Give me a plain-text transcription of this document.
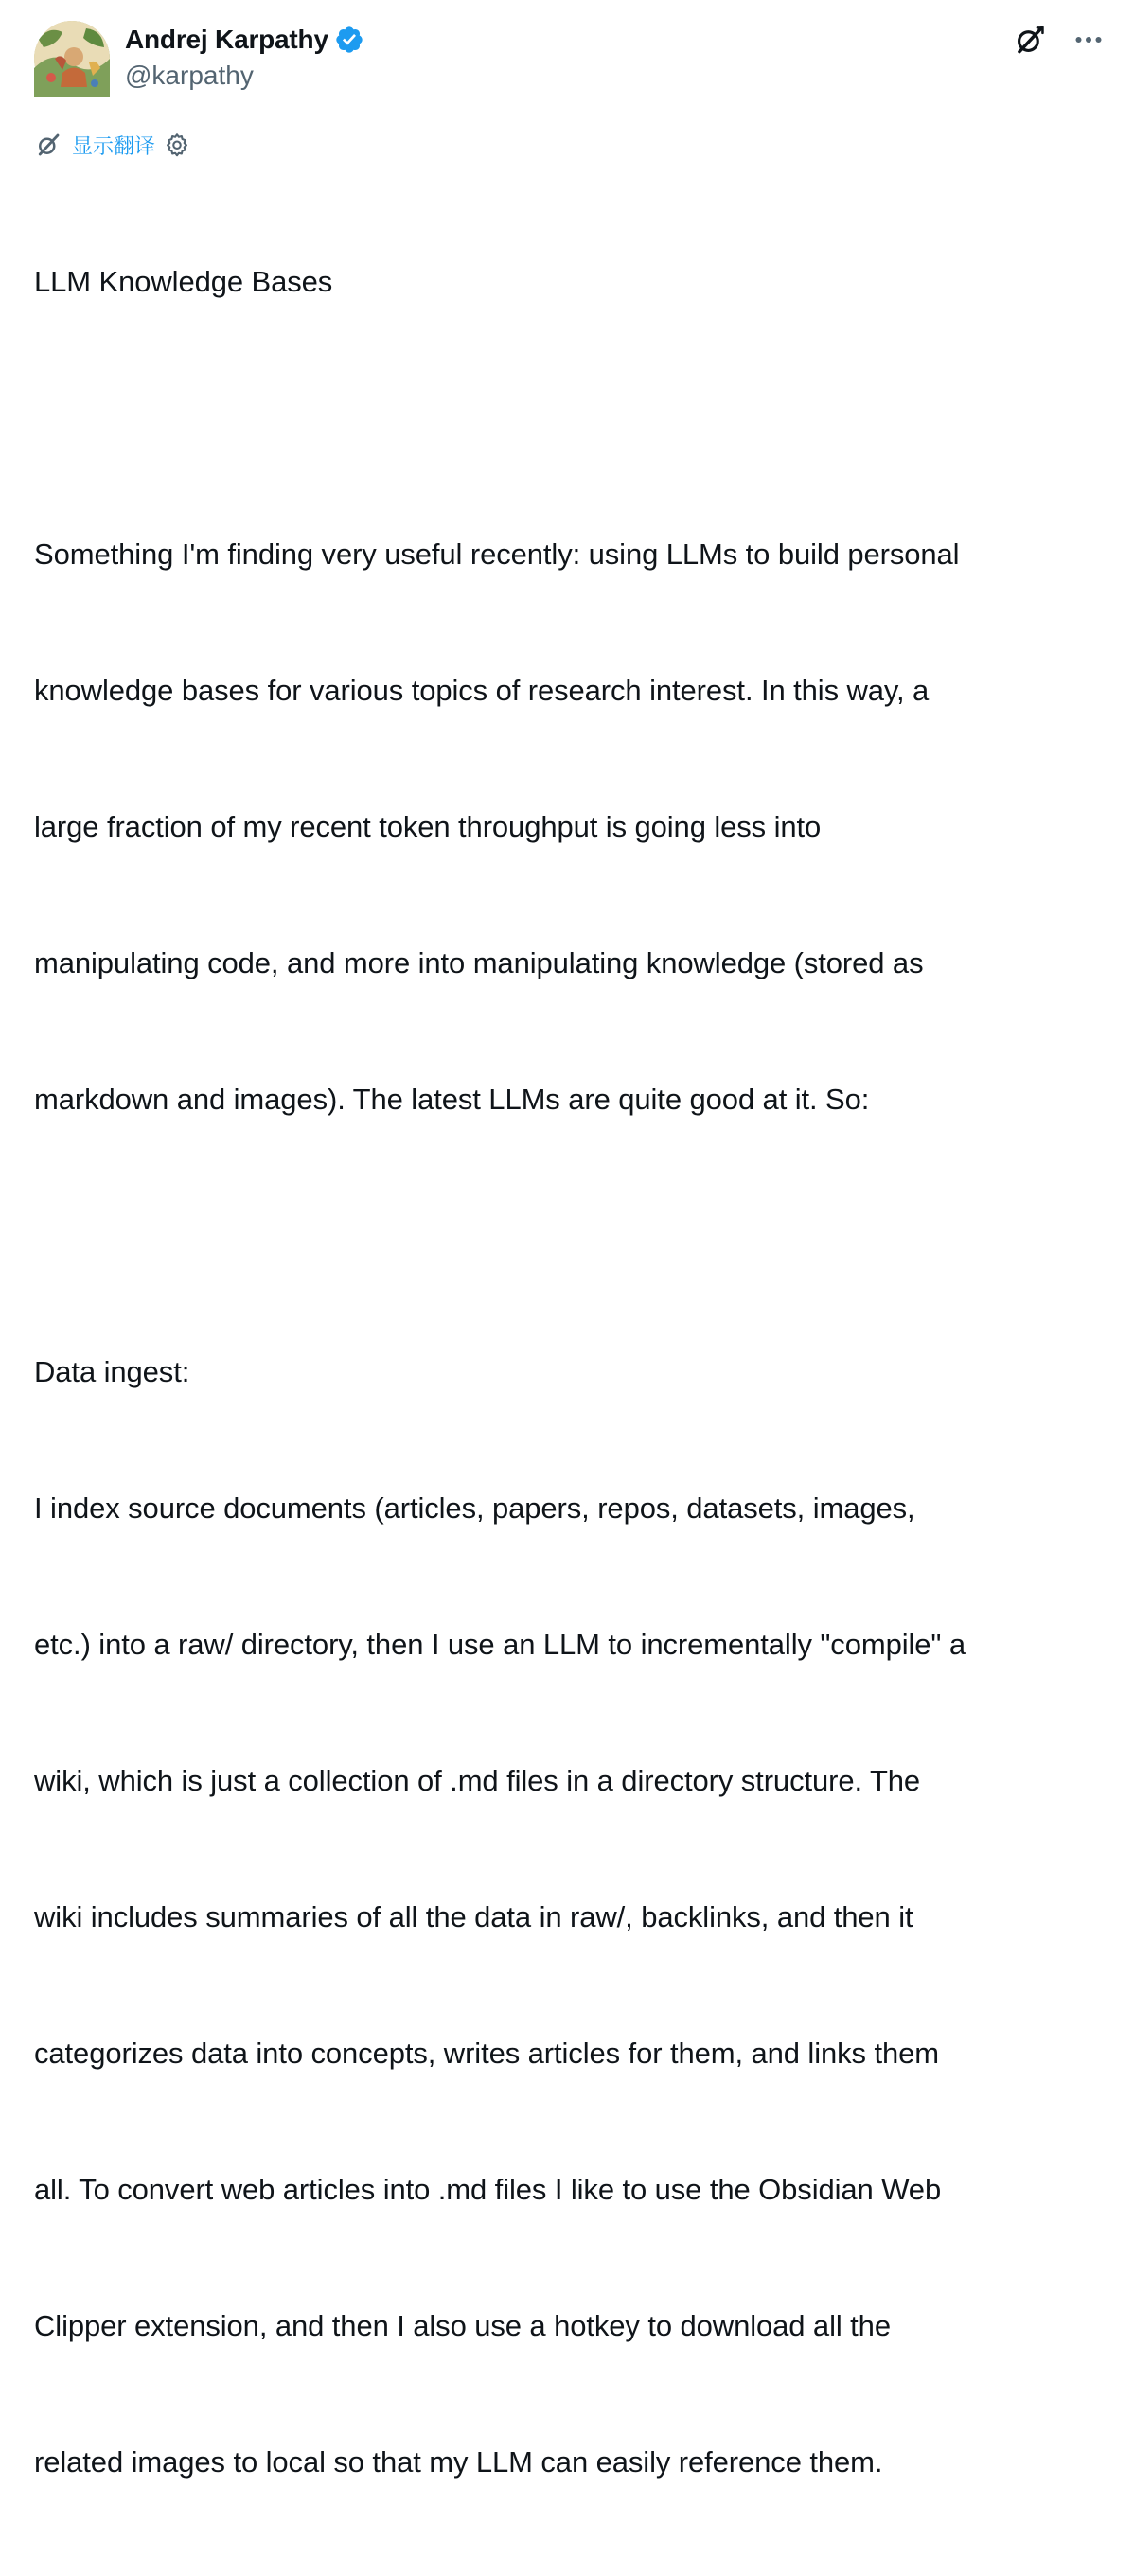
Andrej Karpathy
@karpathy
显示翻译

LLM Knowledge Bases

Something I'm finding very useful recently: using LLMs to build personal

knowledge bases for various topics of research interest. In this way, a

large fraction of my recent token throughput is going less into

manipulating code, and more into manipulating knowledge (stored as

markdown and images). The latest LLMs are quite good at it. So:

Data ingest:

I index source documents (articles, papers, repos, datasets, images,

etc.) into a raw/ directory, then I use an LLM to incrementally "compile" a

wiki, which is just a collection of .md files in a directory structure. The

wiki includes summaries of all the data in raw/, backlinks, and then it

categorizes data into concepts, writes articles for them, and links them

all. To convert web articles into .md files I like to use the Obsidian Web

Clipper extension, and then I also use a hotkey to download all the

related images to local so that my LLM can easily reference them.
